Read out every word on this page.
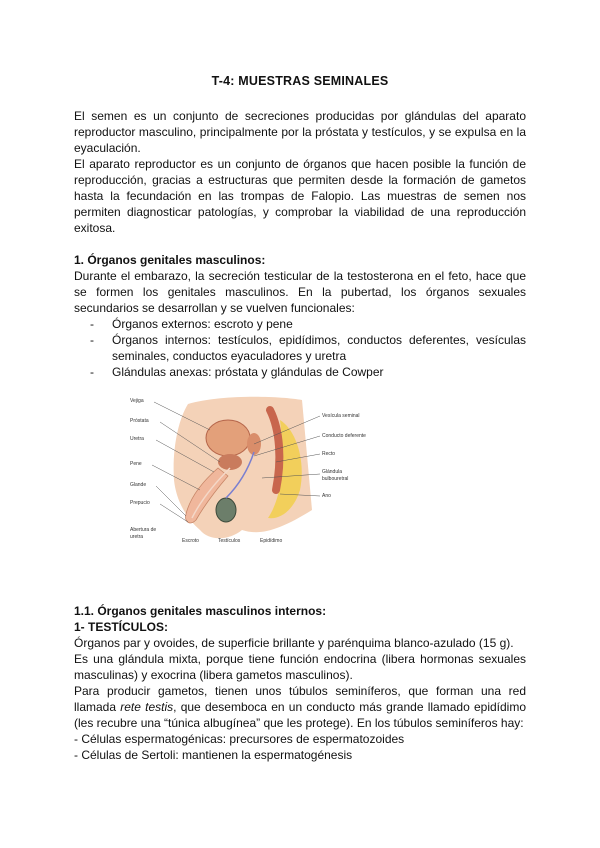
T-4: MUESTRAS SEMINALES

El semen es un conjunto de secreciones producidas por glándulas del aparato reproductor masculino, principalmente por la próstata y testículos, y se expulsa en la eyaculación.

El aparato reproductor es un conjunto de órganos que hacen posible la función de reproducción, gracias a estructuras que permiten desde la formación de gametos hasta la fecundación en las trompas de Falopio. Las muestras de semen nos permiten diagnosticar patologías, y comprobar la viabilidad de una reproducción exitosa.

1. Órganos genitales masculinos:

Durante el embarazo, la secreción testicular de la testosterona en el feto, hace que se formen los genitales masculinos. En la pubertad, los órganos sexuales secundarios se desarrollan y se vuelven funcionales:

- Órganos externos: escroto y pene
- Órganos internos: testículos, epidídimos, conductos deferentes, vesículas seminales, conductos eyaculadores y uretra
- Glándulas anexas: próstata y glándulas de Cowper
Vejiga
Próstata
Uretra
Pene
Glande
Prepucio
Abertura de
uretra
Vesícula seminal
Conducto deferente
Recto
Glándula
bulbouretral
Ano
Escroto	Testículos	Epidídimo

1.1. Órganos genitales masculinos internos:

1- TESTÍCULOS:

Órganos par y ovoides, de superficie brillante y parénquima blanco-azulado (15 g).

Es una glándula mixta, porque tiene función endocrina (libera hormonas sexuales masculinas) y exocrina (libera gametos masculinos).

Para producir gametos, tienen unos túbulos seminíferos, que forman una red llamada rete testis, que desemboca en un conducto más grande llamado epidídimo (les recubre una “túnica albugínea” que les protege). En los túbulos seminíferos hay:

- Células espermatogénicas: precursores de espermatozoides

- Células de Sertoli: mantienen la espermatogénesis
